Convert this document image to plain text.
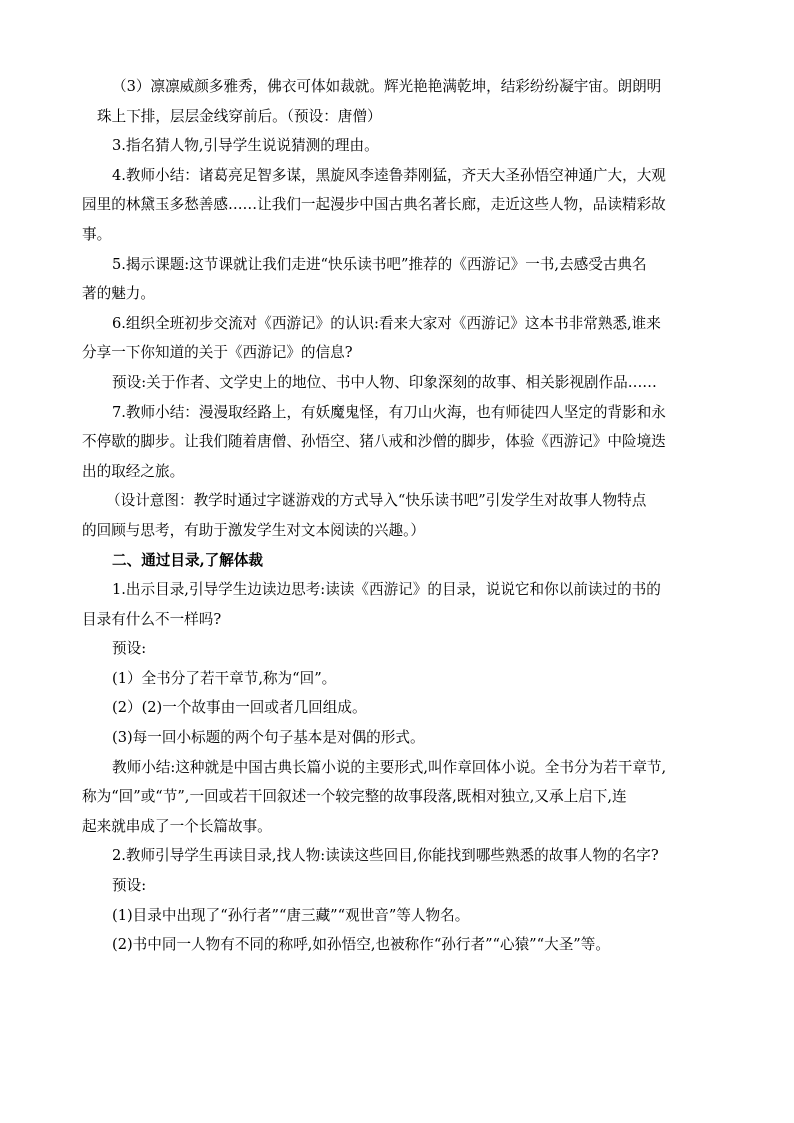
（3）凛凛威颜多雅秀，佛衣可体如裁就。辉光艳艳满乾坤，结彩纷纷凝宇宙。朗朗明

珠上下排，层层金线穿前后。（预设：唐僧）

3.指名猜人物,引导学生说说猜测的理由。

4.教师小结：诸葛亮足智多谋，黑旋风李逵鲁莽刚猛，齐天大圣孙悟空神通广大，大观

园里的林黛玉多愁善感……让我们一起漫步中国古典名著长廊，走近这些人物，品读精彩故

事。

5.揭示课题:这节课就让我们走进“快乐读书吧”推荐的《西游记》一书,去感受古典名

著的魅力。

6.组织全班初步交流对《西游记》的认识:看来大家对《西游记》这本书非常熟悉,谁来

分享一下你知道的关于《西游记》的信息?

预设:关于作者、文学史上的地位、书中人物、印象深刻的故事、相关影视剧作品……

7.教师小结：漫漫取经路上，有妖魔鬼怪，有刀山火海，也有师徒四人坚定的背影和永

不停歇的脚步。让我们随着唐僧、孙悟空、猪八戒和沙僧的脚步，体验《西游记》中险境迭

出的取经之旅。

（设计意图：教学时通过字谜游戏的方式导入“快乐读书吧”引发学生对故事人物特点

的回顾与思考，有助于激发学生对文本阅读的兴趣。）

二、通过目录,了解体裁

1.出示目录,引导学生边读边思考:读读《西游记》的目录，说说它和你以前读过的书的

目录有什么不一样吗?

预设:

(1）全书分了若干章节,称为“回”。

(2）(2)一个故事由一回或者几回组成。

(3)每一回小标题的两个句子基本是对偶的形式。

教师小结:这种就是中国古典长篇小说的主要形式,叫作章回体小说。全书分为若干章节,

称为“回”或“节”,一回或若干回叙述一个较完整的故事段落,既相对独立,又承上启下,连

起来就串成了一个长篇故事。

2.教师引导学生再读目录,找人物:读读这些回目,你能找到哪些熟悉的故事人物的名字?

预设:

(1)目录中出现了“孙行者”“唐三藏”“观世音”等人物名。

(2)书中同一人物有不同的称呼,如孙悟空,也被称作“孙行者”“心猿”“大圣”等。
